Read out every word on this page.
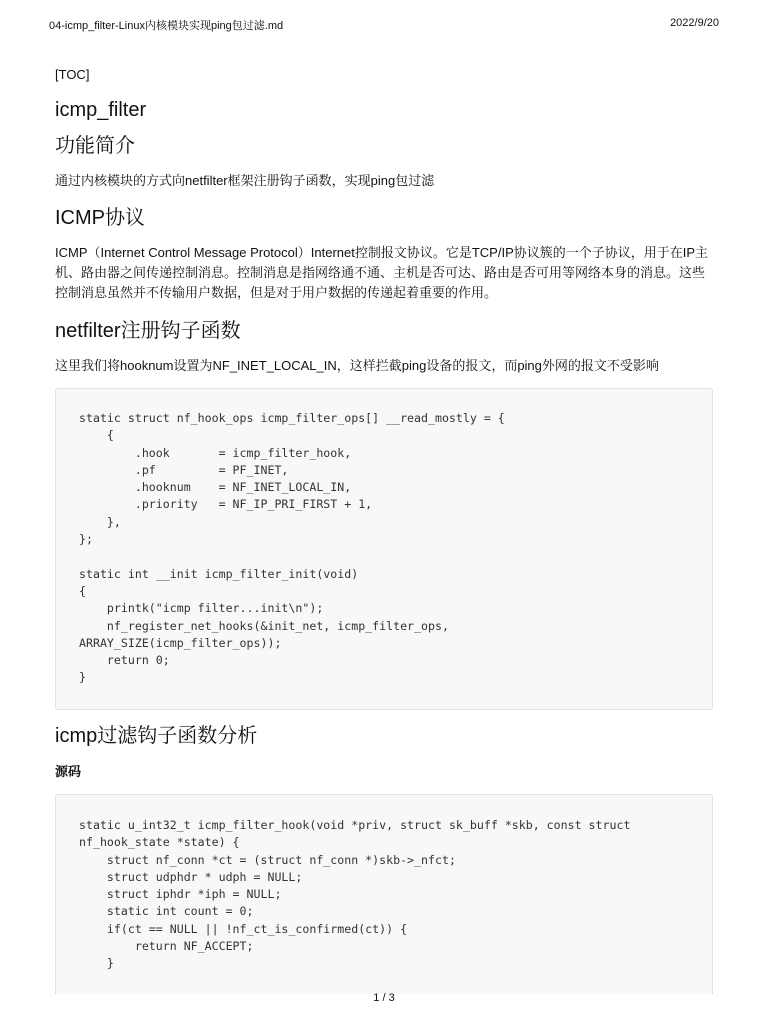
04-icmp_filter-Linux内核模块实现ping包过滤.md	2022/9/20
[TOC]
icmp_filter
功能简介
通过内核模块的方式向netfilter框架注册钩子函数，实现ping包过滤
ICMP协议
ICMP（Internet Control Message Protocol）Internet控制报文协议。它是TCP/IP协议簇的一个子协议，用于在IP主机、路由器之间传递控制消息。控制消息是指网络通不通、主机是否可达、路由是否可用等网络本身的消息。这些控制消息虽然并不传输用户数据，但是对于用户数据的传递起着重要的作用。
netfilter注册钩子函数
这里我们将hooknum设置为NF_INET_LOCAL_IN，这样拦截ping设备的报文，而ping外网的报文不受影响
static struct nf_hook_ops icmp_filter_ops[] __read_mostly = {
{
.hook       = icmp_filter_hook,
.pf         = PF_INET,
.hooknum    = NF_INET_LOCAL_IN,
.priority   = NF_IP_PRI_FIRST + 1,
},
};

static int __init icmp_filter_init(void)
{
printk("icmp filter...init\n");
nf_register_net_hooks(&init_net, icmp_filter_ops,
ARRAY_SIZE(icmp_filter_ops));
return 0;
}
icmp过滤钩子函数分析
源码
static u_int32_t icmp_filter_hook(void *priv, struct sk_buff *skb, const struct
nf_hook_state *state) {
struct nf_conn *ct = (struct nf_conn *)skb->_nfct;
struct udphdr * udph = NULL;
struct iphdr *iph = NULL;
static int count = 0;
if(ct == NULL || !nf_ct_is_confirmed(ct)) {
return NF_ACCEPT;
}
1 / 3
